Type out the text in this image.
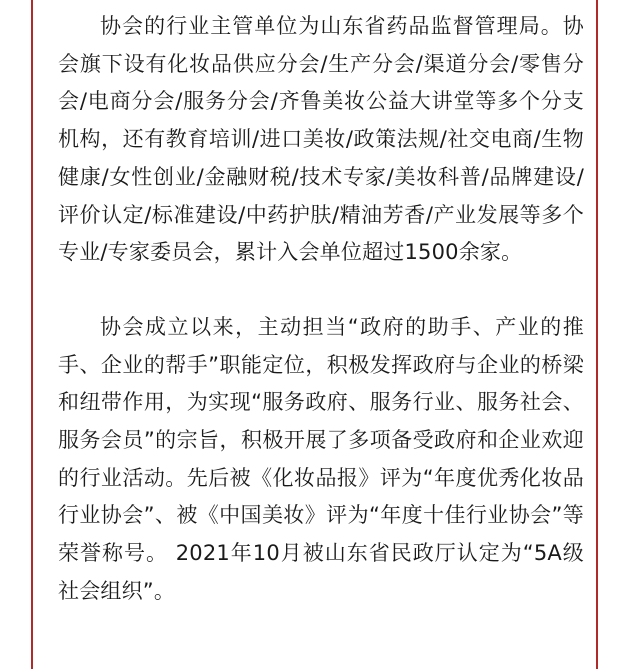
协会的行业主管单位为山东省药品监督管理局。协会旗下设有化妆品供应分会/生产分会/渠道分会/零售分会/电商分会/服务分会/齐鲁美妆公益大讲堂等多个分支机构，还有教育培训/进口美妆/政策法规/社交电商/生物健康/女性创业/金融财税/技术专家/美妆科普/品牌建设/评价认定/标准建设/中药护肤/精油芳香/产业发展等多个专业/专家委员会，累计入会单位超过1500余家。

协会成立以来，主动担当“政府的助手、产业的推手、企业的帮手”职能定位，积极发挥政府与企业的桥梁和纽带作用，为实现“服务政府、服务行业、服务社会、服务会员”的宗旨，积极开展了多项备受政府和企业欢迎的行业活动。先后被《化妆品报》评为“年度优秀化妆品行业协会”、被《中国美妆》评为“年度十佳行业协会”等荣誉称号。 2021年10月被山东省民政厅认定为“5A级社会组织”。
